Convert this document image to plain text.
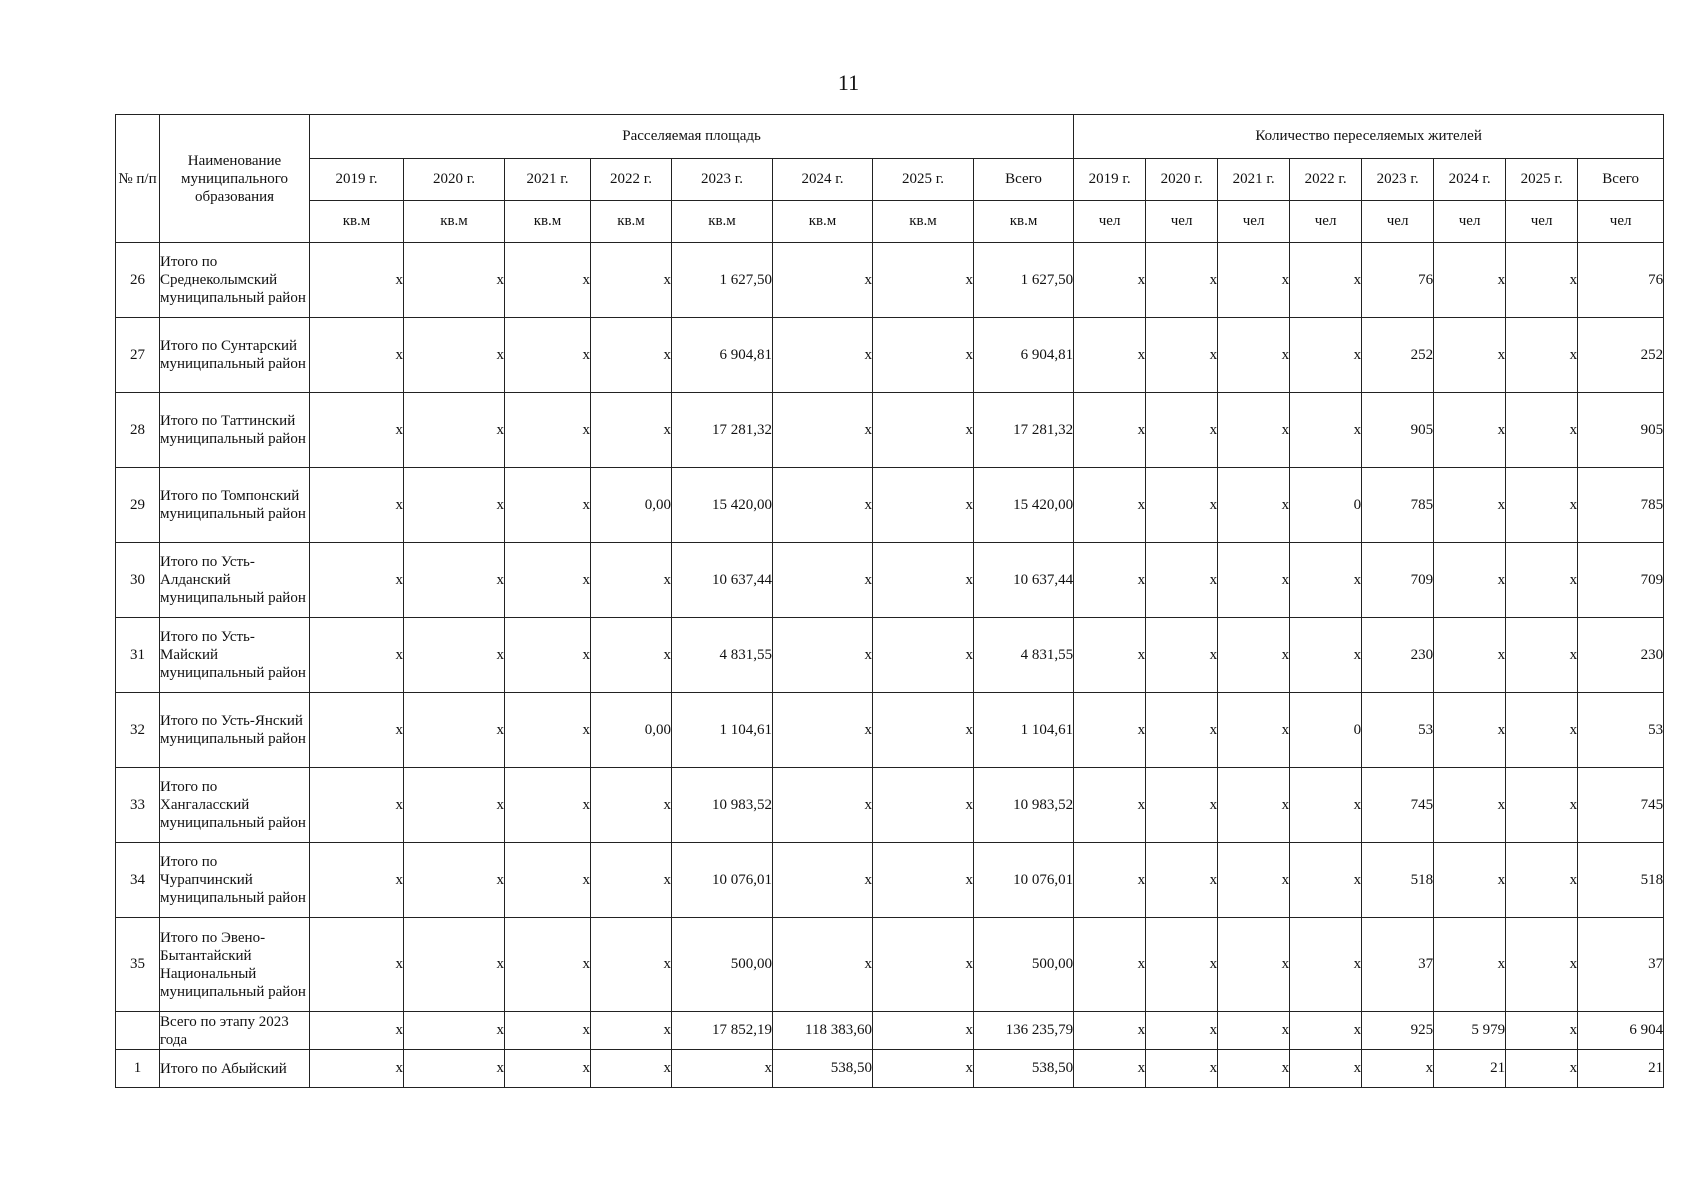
11
№ п/п	Наименование муниципального образования	Расселяемая площадь								Количество переселяемых жителей							
		2019 г.	2020 г.	2021 г.	2022 г.	2023 г.	2024 г.	2025 г.	Всего	2019 г.	2020 г.	2021 г.	2022 г.	2023 г.	2024 г.	2025 г.	Всего
		кв.м	кв.м	кв.м	кв.м	кв.м	кв.м	кв.м	кв.м	чел	чел	чел	чел	чел	чел	чел	чел
26	Итого по Среднеколымский муниципальный район	x	x	x	x	1 627,50	x	x	1 627,50	x	x	x	x	76	x	x	76
27	Итого по Сунтарский муниципальный район	x	x	x	x	6 904,81	x	x	6 904,81	x	x	x	x	252	x	x	252
28	Итого по Таттинский муниципальный район	x	x	x	x	17 281,32	x	x	17 281,32	x	x	x	x	905	x	x	905
29	Итого по Томпонский муниципальный район	x	x	x	0,00	15 420,00	x	x	15 420,00	x	x	x	0	785	x	x	785
30	Итого по Усть-Алданский муниципальный район	x	x	x	x	10 637,44	x	x	10 637,44	x	x	x	x	709	x	x	709
31	Итого по Усть-Майский муниципальный район	x	x	x	x	4 831,55	x	x	4 831,55	x	x	x	x	230	x	x	230
32	Итого по Усть-Янский муниципальный район	x	x	x	0,00	1 104,61	x	x	1 104,61	x	x	x	0	53	x	x	53
33	Итого по Хангаласский муниципальный район	x	x	x	x	10 983,52	x	x	10 983,52	x	x	x	x	745	x	x	745
34	Итого по Чурапчинский муниципальный район	x	x	x	x	10 076,01	x	x	10 076,01	x	x	x	x	518	x	x	518
35	Итого по Эвено-Бытантайский Национальный муниципальный район	x	x	x	x	500,00	x	x	500,00	x	x	x	x	37	x	x	37
	Всего по этапу 2023 года	x	x	x	x	17 852,19	118 383,60	x	136 235,79	x	x	x	x	925	5 979	x	6 904
1	Итого по Абыйский	x	x	x	x	x	538,50	x	538,50	x	x	x	x	x	21	x	21
